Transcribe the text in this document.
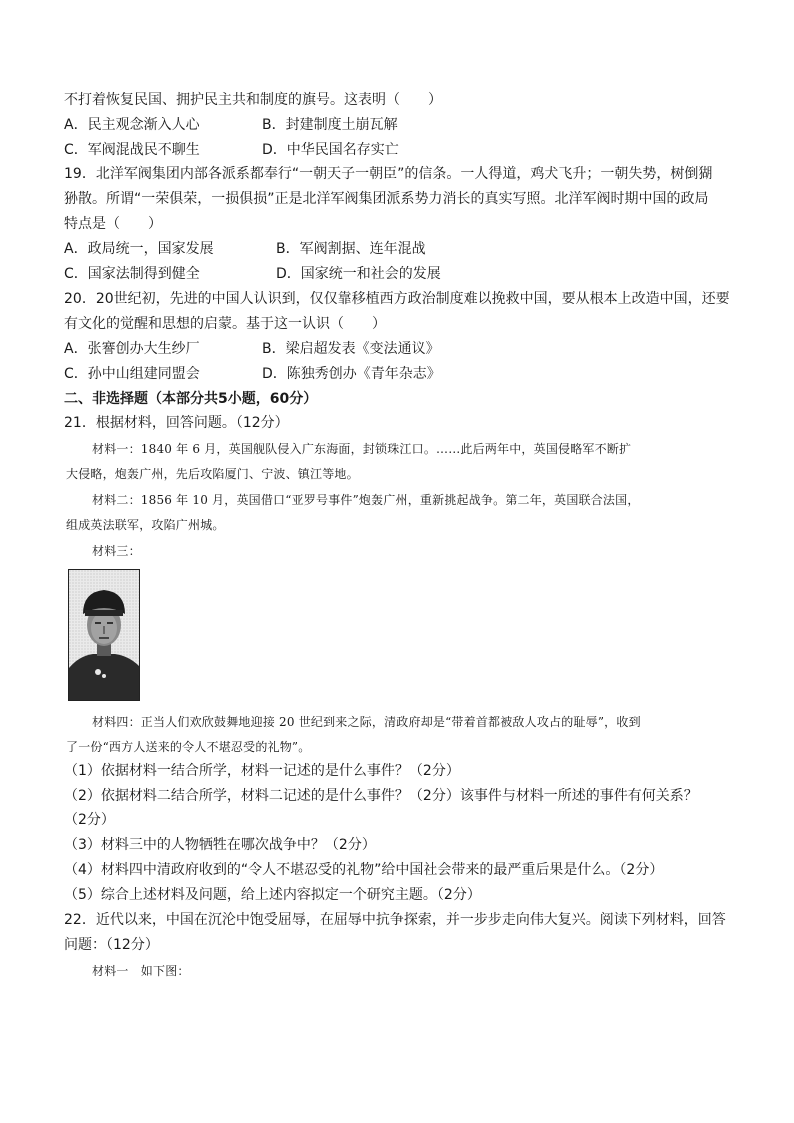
不打着恢复民国、拥护民主共和制度的旗号。这表明（　　）
A．民主观念渐入人心	B．封建制度土崩瓦解
C．军阀混战民不聊生	D．中华民国名存实亡
19．北洋军阀集团内部各派系都奉行“一朝天子一朝臣”的信条。一人得道，鸡犬飞升；一朝失势，树倒猢
狲散。所谓“一荣俱荣，一损俱损”正是北洋军阀集团派系势力消长的真实写照。北洋军阀时期中国的政局
特点是（　　）
A．政局统一，国家发展	B．军阀割据、连年混战
C．国家法制得到健全	D．国家统一和社会的发展
20．20世纪初，先进的中国人认识到，仅仅靠移植西方政治制度难以挽救中国，要从根本上改造中国，还要
有文化的觉醒和思想的启蒙。基于这一认识（　　）
A．张謇创办大生纱厂	B．梁启超发表《变法通议》
C．孙中山组建同盟会	D．陈独秀创办《青年杂志》
二、非选择题（本部分共5小题，60分）
21．根据材料，回答问题。（12分）
材料一：1840 年 6 月，英国舰队侵入广东海面，封锁珠江口。……此后两年中，英国侵略军不断扩
大侵略，炮轰广州，先后攻陷厦门、宁波、镇江等地。
材料二：1856 年 10 月，英国借口“亚罗号事件”炮轰广州，重新挑起战争。第二年，英国联合法国，
组成英法联军，攻陷广州城。
材料三：
材料四：正当人们欢欣鼓舞地迎接 20 世纪到来之际，清政府却是“带着首都被敌人攻占的耻辱”，收到
了一份“西方人送来的令人不堪忍受的礼物”。
（1）依据材料一结合所学，材料一记述的是什么事件？（2分）
（2）依据材料二结合所学，材料二记述的是什么事件？（2分）该事件与材料一所述的事件有何关系？
（2分）
（3）材料三中的人物牺牲在哪次战争中？（2分）
（4）材料四中清政府收到的“令人不堪忍受的礼物”给中国社会带来的最严重后果是什么。（2分）
（5）综合上述材料及问题，给上述内容拟定一个研究主题。（2分）
22．近代以来，中国在沉沦中饱受屈辱，在屈辱中抗争探索，并一步步走向伟大复兴。阅读下列材料，回答
问题：（12分）
材料一　如下图：
